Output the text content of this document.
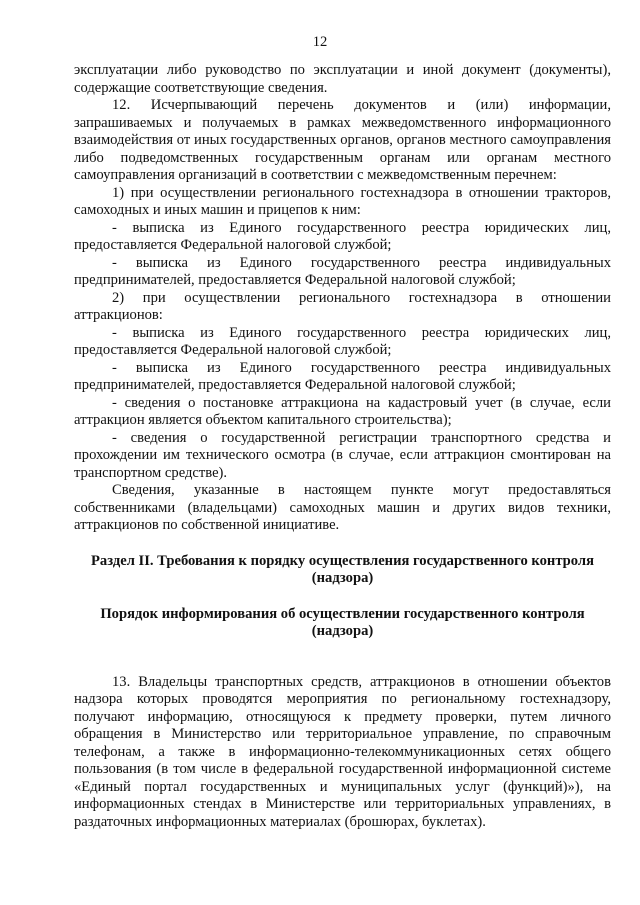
12

эксплуатации либо руководство по эксплуатации и иной документ (документы), содержащие соответствующие сведения.

12. Исчерпывающий перечень документов и (или) информации, запрашиваемых и получаемых в рамках межведомственного информационного взаимодействия от иных государственных органов, органов местного самоуправления либо подведомственных государственным органам или органам местного самоуправления организаций в соответствии с межведомственным перечнем:

1) при осуществлении регионального гостехнадзора в отношении тракторов, самоходных и иных машин и прицепов к ним:

- выписка из Единого государственного реестра юридических лиц, предоставляется Федеральной налоговой службой;

- выписка из Единого государственного реестра индивидуальных предпринимателей, предоставляется Федеральной налоговой службой;

2) при осуществлении регионального гостехнадзора в отношении аттракционов:

- выписка из Единого государственного реестра юридических лиц, предоставляется Федеральной налоговой службой;

- выписка из Единого государственного реестра индивидуальных предпринимателей, предоставляется Федеральной налоговой службой;

- сведения о постановке аттракциона на кадастровый учет (в случае, если аттракцион является объектом капитального строительства);

- сведения о государственной регистрации транспортного средства и прохождении им технического осмотра (в случае, если аттракцион смонтирован на транспортном средстве).

Сведения, указанные в настоящем пункте могут предоставляться собственниками (владельцами) самоходных машин и других видов техники, аттракционов по собственной инициативе.

Раздел II. Требования к порядку осуществления государственного контроля (надзора)

Порядок информирования об осуществлении государственного контроля (надзора)

13. Владельцы транспортных средств, аттракционов в отношении объектов надзора которых проводятся мероприятия по региональному гостехнадзору, получают информацию, относящуюся к предмету проверки, путем личного обращения в Министерство или территориальное управление, по справочным телефонам, а также в информационно-телекоммуникационных сетях общего пользования (в том числе в федеральной государственной информационной системе «Единый портал государственных и муниципальных услуг (функций)»), на информационных стендах в Министерстве или территориальных управлениях, в раздаточных информационных материалах (брошюрах, буклетах).
